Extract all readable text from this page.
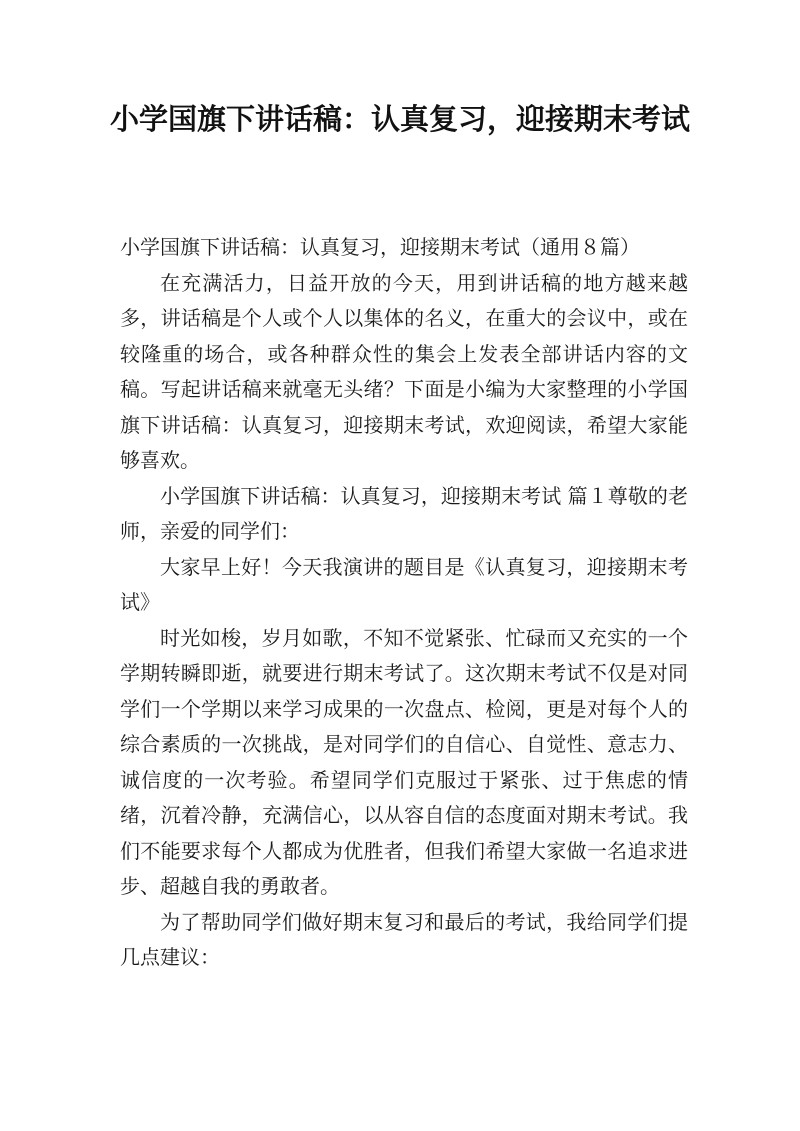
小学国旗下讲话稿：认真复习，迎接期末考试

小学国旗下讲话稿：认真复习，迎接期末考试（通用８篇）

在充满活力，日益开放的今天，用到讲话稿的地方越来越多，讲话稿是个人或个人以集体的名义，在重大的会议中，或在较隆重的场合，或各种群众性的集会上发表全部讲话内容的文稿。写起讲话稿来就毫无头绪？下面是小编为大家整理的小学国旗下讲话稿：认真复习，迎接期末考试，欢迎阅读，希望大家能够喜欢。

小学国旗下讲话稿：认真复习，迎接期末考试 篇１尊敬的老师，亲爱的同学们：

大家早上好！今天我演讲的题目是《认真复习，迎接期末考试》

时光如梭，岁月如歌，不知不觉紧张、忙碌而又充实的一个学期转瞬即逝，就要进行期末考试了。这次期末考试不仅是对同学们一个学期以来学习成果的一次盘点、检阅，更是对每个人的综合素质的一次挑战，是对同学们的自信心、自觉性、意志力、诚信度的一次考验。希望同学们克服过于紧张、过于焦虑的情绪，沉着冷静，充满信心，以从容自信的态度面对期末考试。我们不能要求每个人都成为优胜者，但我们希望大家做一名追求进步、超越自我的勇敢者。

为了帮助同学们做好期末复习和最后的考试，我给同学们提几点建议：
